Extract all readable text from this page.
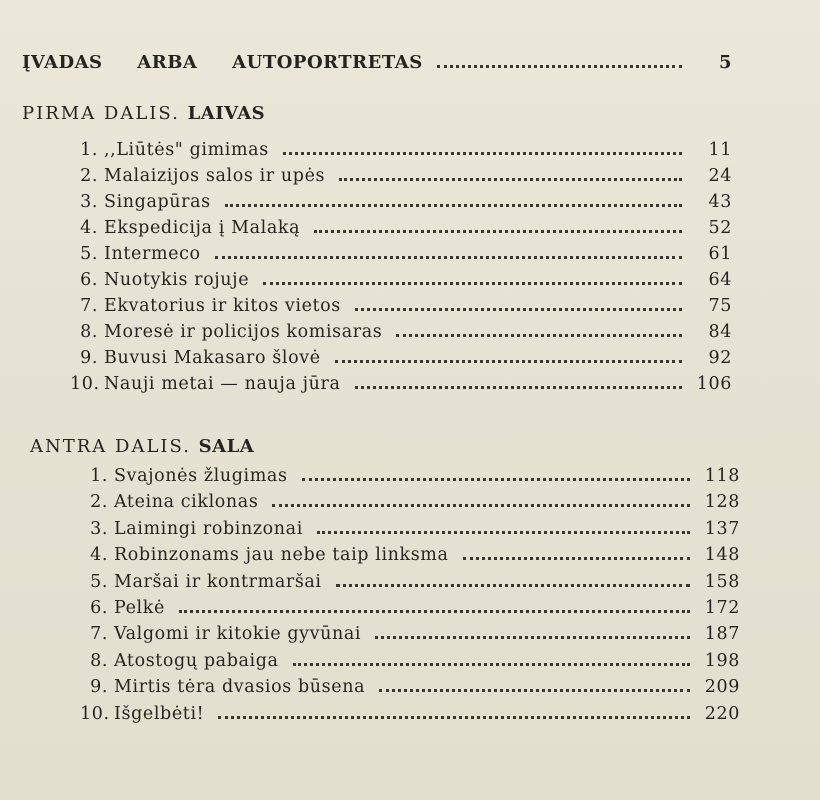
ĮVADAS ARBA AUTOPORTRETAS	5
PIRMA DALIS. LAIVAS
1. ,,Liūtės" gimimas	11
2. Malaizijos salos ir upės	24
3. Singapūras	43
4. Ekspedicija į Malaką	52
5. Intermeco	61
6. Nuotykis rojuje	64
7. Ekvatorius ir kitos vietos	75
8. Moresė ir policijos komisaras	84
9. Buvusi Makasaro šlovė	92
10. Nauji metai — nauja jūra	106
ANTRA DALIS. SALA
1. Svajonės žlugimas	118
2. Ateina ciklonas	128
3. Laimingi robinzonai	137
4. Robinzonams jau nebe taip linksma	148
5. Maršai ir kontrmaršai	158
6. Pelkė	172
7. Valgomi ir kitokie gyvūnai	187
8. Atostogų pabaiga	198
9. Mirtis tėra dvasios būsena	209
10. Išgelbėti!	220
